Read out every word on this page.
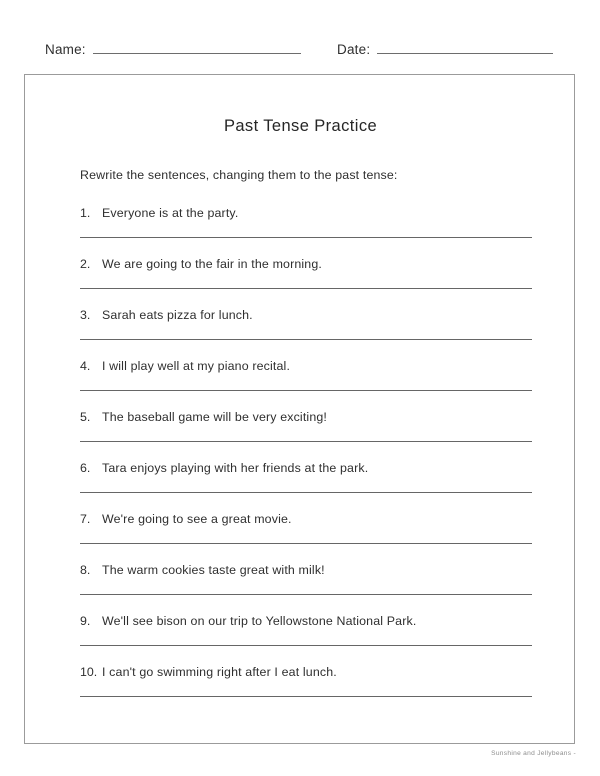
Name:	Date:
Past Tense Practice
Rewrite the sentences, changing them to the past tense:
1. Everyone is at the party.
2. We are going to the fair in the morning.
3. Sarah eats pizza for lunch.
4. I will play well at my piano recital.
5. The baseball game will be very exciting!
6. Tara enjoys playing with her friends at the park.
7. We're going to see a great movie.
8. The warm cookies taste great with milk!
9. We'll see bison on our trip to Yellowstone National Park.
10. I can't go swimming right after I eat lunch.
Sunshine and Jellybeans -
